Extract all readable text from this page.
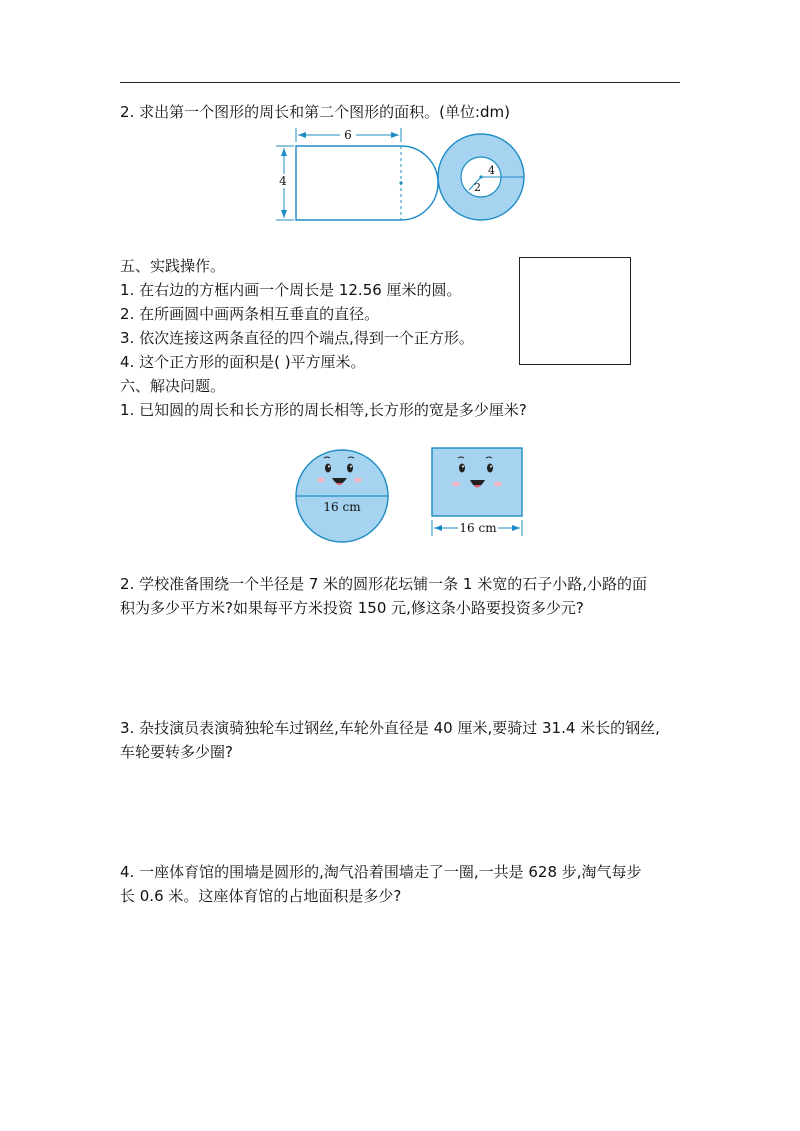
2. 求出第一个图形的周长和第二个图形的面积。(单位:dm)
6
4
4
2
五、实践操作。
1. 在右边的方框内画一个周长是 12.56 厘米的圆。
2. 在所画圆中画两条相互垂直的直径。
3. 依次连接这两条直径的四个端点,得到一个正方形。
4. 这个正方形的面积是( )平方厘米。
六、解决问题。
1. 已知圆的周长和长方形的周长相等,长方形的宽是多少厘米?
16 cm
16 cm
2. 学校准备围绕一个半径是 7 米的圆形花坛铺一条 1 米宽的石子小路,小路的面
积为多少平方米?如果每平方米投资 150 元,修这条小路要投资多少元?
3. 杂技演员表演骑独轮车过钢丝,车轮外直径是 40 厘米,要骑过 31.4 米长的钢丝,
车轮要转多少圈?
4. 一座体育馆的围墙是圆形的,淘气沿着围墙走了一圈,一共是 628 步,淘气每步
长 0.6 米。这座体育馆的占地面积是多少?
